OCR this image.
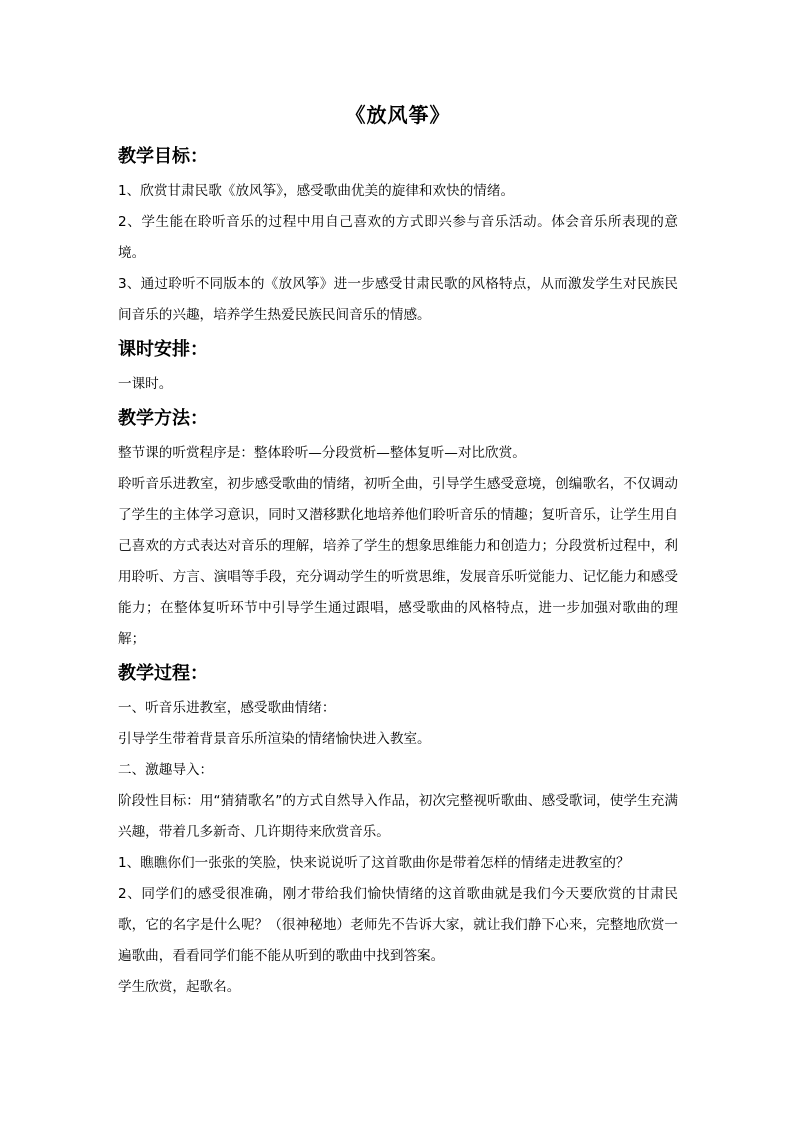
《放风筝》
教学目标：

1、欣赏甘肃民歌《放风筝》，感受歌曲优美的旋律和欢快的情绪。

2、学生能在聆听音乐的过程中用自己喜欢的方式即兴参与音乐活动。体会音乐所表现的意境。

3、通过聆听不同版本的《放风筝》进一步感受甘肃民歌的风格特点，从而激发学生对民族民间音乐的兴趣，培养学生热爱民族民间音乐的情感。

课时安排：

一课时。

教学方法：

整节课的听赏程序是：整体聆听—分段赏析—整体复听—对比欣赏。

聆听音乐进教室，初步感受歌曲的情绪，初听全曲，引导学生感受意境，创编歌名，不仅调动了学生的主体学习意识，同时又潜移默化地培养他们聆听音乐的情趣；复听音乐，让学生用自己喜欢的方式表达对音乐的理解，培养了学生的想象思维能力和创造力；分段赏析过程中，利用聆听、方言、演唱等手段，充分调动学生的听赏思维，发展音乐听觉能力、记忆能力和感受能力；在整体复听环节中引导学生通过跟唱，感受歌曲的风格特点，进一步加强对歌曲的理解；

教学过程：

一、听音乐进教室，感受歌曲情绪：

引导学生带着背景音乐所渲染的情绪愉快进入教室。

二、激趣导入：

阶段性目标：用“猜猜歌名”的方式自然导入作品，初次完整视听歌曲、感受歌词，使学生充满兴趣，带着几多新奇、几许期待来欣赏音乐。

1、瞧瞧你们一张张的笑脸，快来说说听了这首歌曲你是带着怎样的情绪走进教室的？

2、同学们的感受很准确，刚才带给我们愉快情绪的这首歌曲就是我们今天要欣赏的甘肃民歌，它的名字是什么呢？（很神秘地）老师先不告诉大家，就让我们静下心来，完整地欣赏一遍歌曲，看看同学们能不能从听到的歌曲中找到答案。

学生欣赏，起歌名。
